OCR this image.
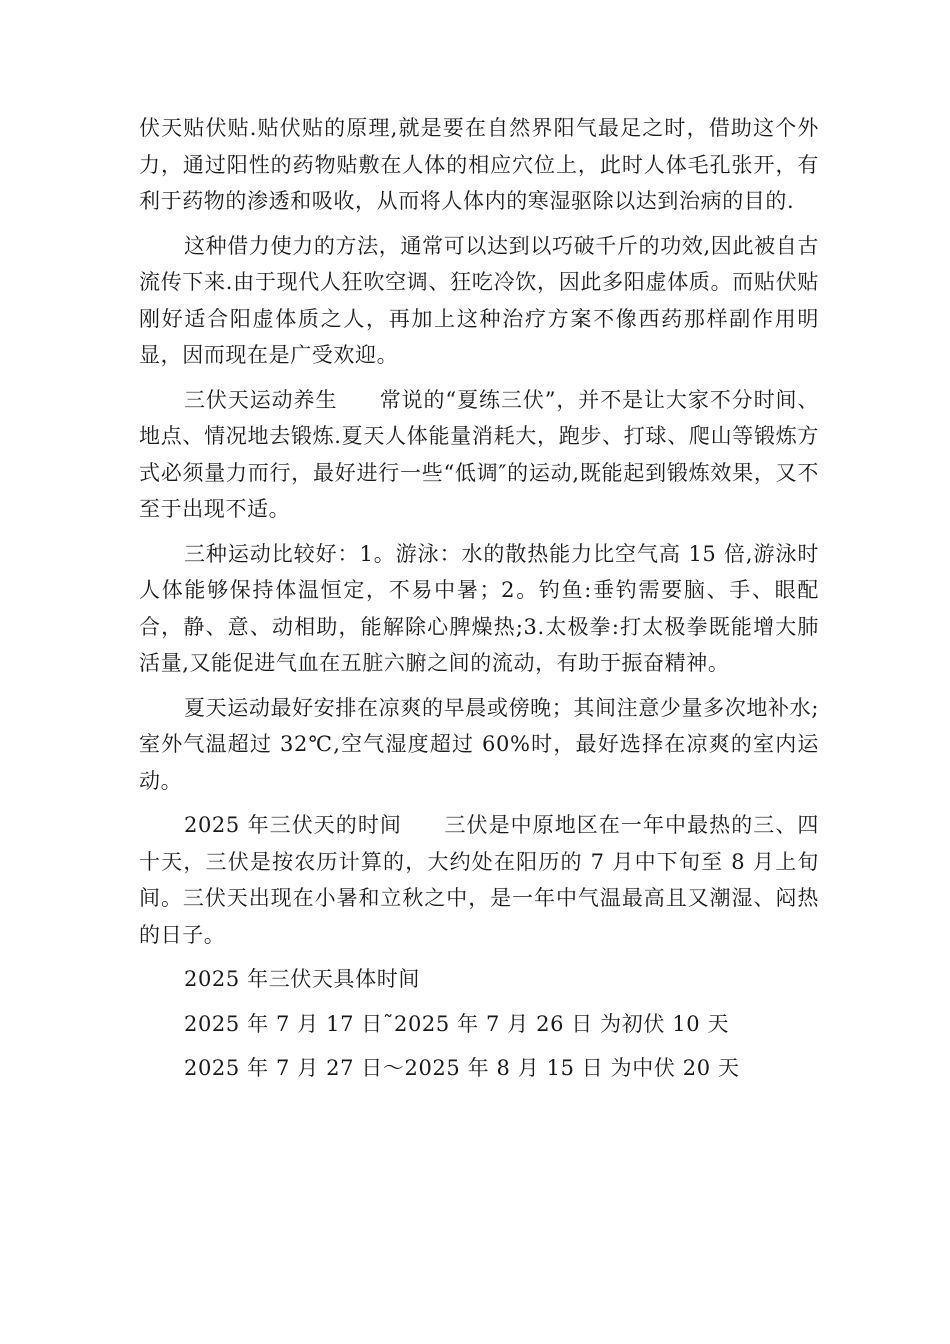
伏天贴伏贴.贴伏贴的原理,就是要在自然界阳气最足之时，借助这个外力，通过阳性的药物贴敷在人体的相应穴位上，此时人体毛孔张开，有利于药物的渗透和吸收，从而将人体内的寒湿驱除以达到治病的目的.

这种借力使力的方法，通常可以达到以巧破千斤的功效,因此被自古流传下来.由于现代人狂吹空调、狂吃冷饮，因此多阳虚体质。而贴伏贴刚好适合阳虚体质之人，再加上这种治疗方案不像西药那样副作用明显，因而现在是广受欢迎。

三伏天运动养生 常说的“夏练三伏”，并不是让大家不分时间、地点、情况地去锻炼.夏天人体能量消耗大，跑步、打球、爬山等锻炼方式必须量力而行，最好进行一些“低调″的运动,既能起到锻炼效果，又不至于出现不适。

三种运动比较好：1。游泳：水的散热能力比空气高 15 倍,游泳时人体能够保持体温恒定，不易中暑；2。钓鱼:垂钓需要脑、手、眼配合，静、意、动相助，能解除心脾燥热;3.太极拳:打太极拳既能增大肺活量,又能促进气血在五脏六腑之间的流动，有助于振奋精神。

夏天运动最好安排在凉爽的早晨或傍晚；其间注意少量多次地补水;室外气温超过 32℃,空气湿度超过 60%时，最好选择在凉爽的室内运动。

2025 年三伏天的时间 三伏是中原地区在一年中最热的三、四十天，三伏是按农历计算的，大约处在阳历的 7 月中下旬至 8 月上旬间。三伏天出现在小暑和立秋之中，是一年中气温最高且又潮湿、闷热的日子。

2025 年三伏天具体时间
2025 年 7 月 17 日˜2025 年 7 月 26 日 为初伏 10 天
2025 年 7 月 27 日～2025 年 8 月 15 日 为中伏 20 天
